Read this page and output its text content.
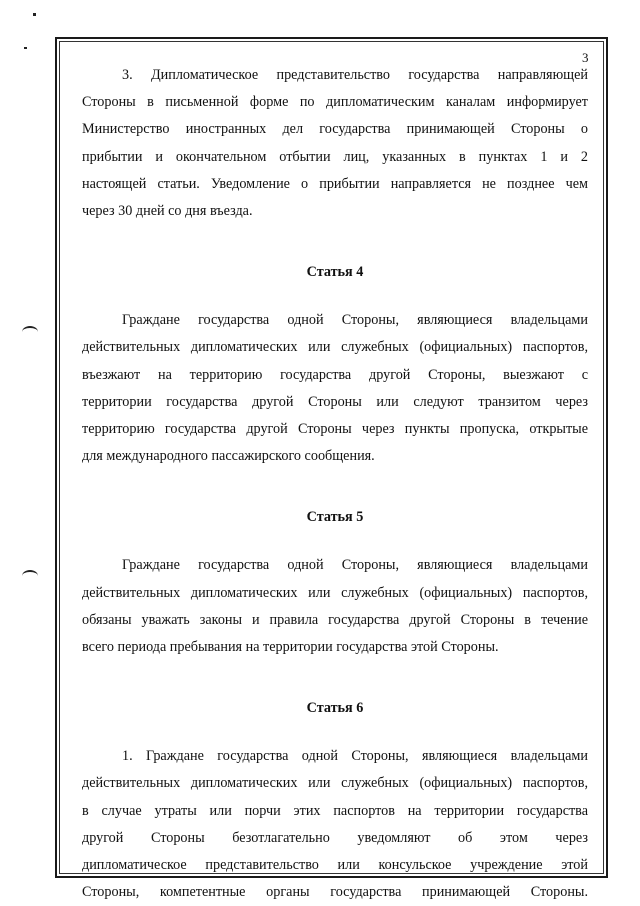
3

3. Дипломатическое представительство государства направляющей

Стороны в письменной форме по дипломатическим каналам информирует

Министерство иностранных дел государства принимающей Стороны о

прибытии и окончательном отбытии лиц, указанных в пунктах 1 и 2

настоящей статьи. Уведомление о прибытии направляется не позднее чем

через 30 дней со дня въезда.

Статья 4

Граждане государства одной Стороны, являющиеся владельцами

действительных дипломатических или служебных (официальных) паспортов,

въезжают на территорию государства другой Стороны, выезжают с

территории государства другой Стороны или следуют транзитом через

территорию государства другой Стороны через пункты пропуска, открытые

для международного пассажирского сообщения.

Статья 5

Граждане государства одной Стороны, являющиеся владельцами

действительных дипломатических или служебных (официальных) паспортов,

обязаны уважать законы и правила государства другой Стороны в течение

всего периода пребывания на территории государства этой Стороны.

Статья 6

1. Граждане государства одной Стороны, являющиеся владельцами

действительных дипломатических или служебных (официальных) паспортов,

в случае утраты или порчи этих паспортов на территории государства

другой Стороны безотлагательно уведомляют об этом через

дипломатическое представительство или консульское учреждение этой

Стороны, компетентные органы государства принимающей Стороны.
